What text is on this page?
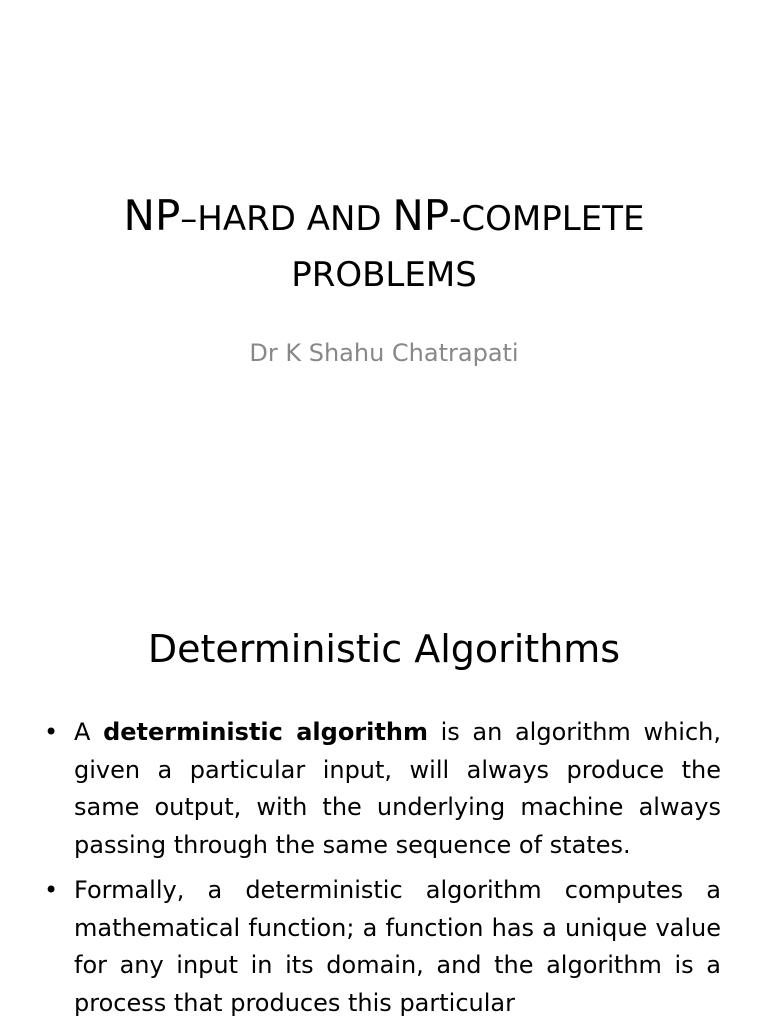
NP–HARD AND NP-COMPLETE
PROBLEMS
Dr K Shahu Chatrapati
Deterministic Algorithms
• A deterministic algorithm is an algorithm which, given a particular input, will always produce the same output, with the underlying machine always passing through the same sequence of states.
• Formally, a deterministic algorithm computes a mathematical function; a function has a unique value for any input in its domain, and the algorithm is a process that produces this particular
